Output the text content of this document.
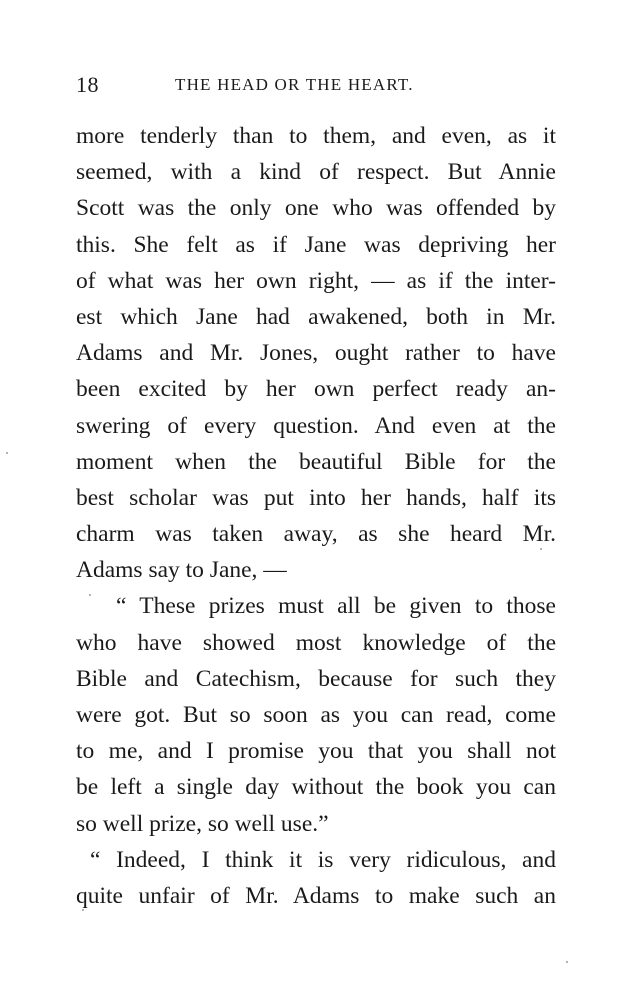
18	THE HEAD OR THE HEART.
more tenderly than to them, and even, as it
seemed, with a kind of respect. But Annie
Scott was the only one who was offended by
this. She felt as if Jane was depriving her
of what was her own right, — as if the inter-
est which Jane had awakened, both in Mr.
Adams and Mr. Jones, ought rather to have
been excited by her own perfect ready an-
swering of every question. And even at the
moment when the beautiful Bible for the
best scholar was put into her hands, half its
charm was taken away, as she heard Mr.
Adams say to Jane, —
“ These prizes must all be given to those
who have showed most knowledge of the
Bible and Catechism, because for such they
were got. But so soon as you can read, come
to me, and I promise you that you shall not
be left a single day without the book you can
so well prize, so well use.”
“ Indeed, I think it is very ridiculous, and
quite unfair of Mr. Adams to make such an
